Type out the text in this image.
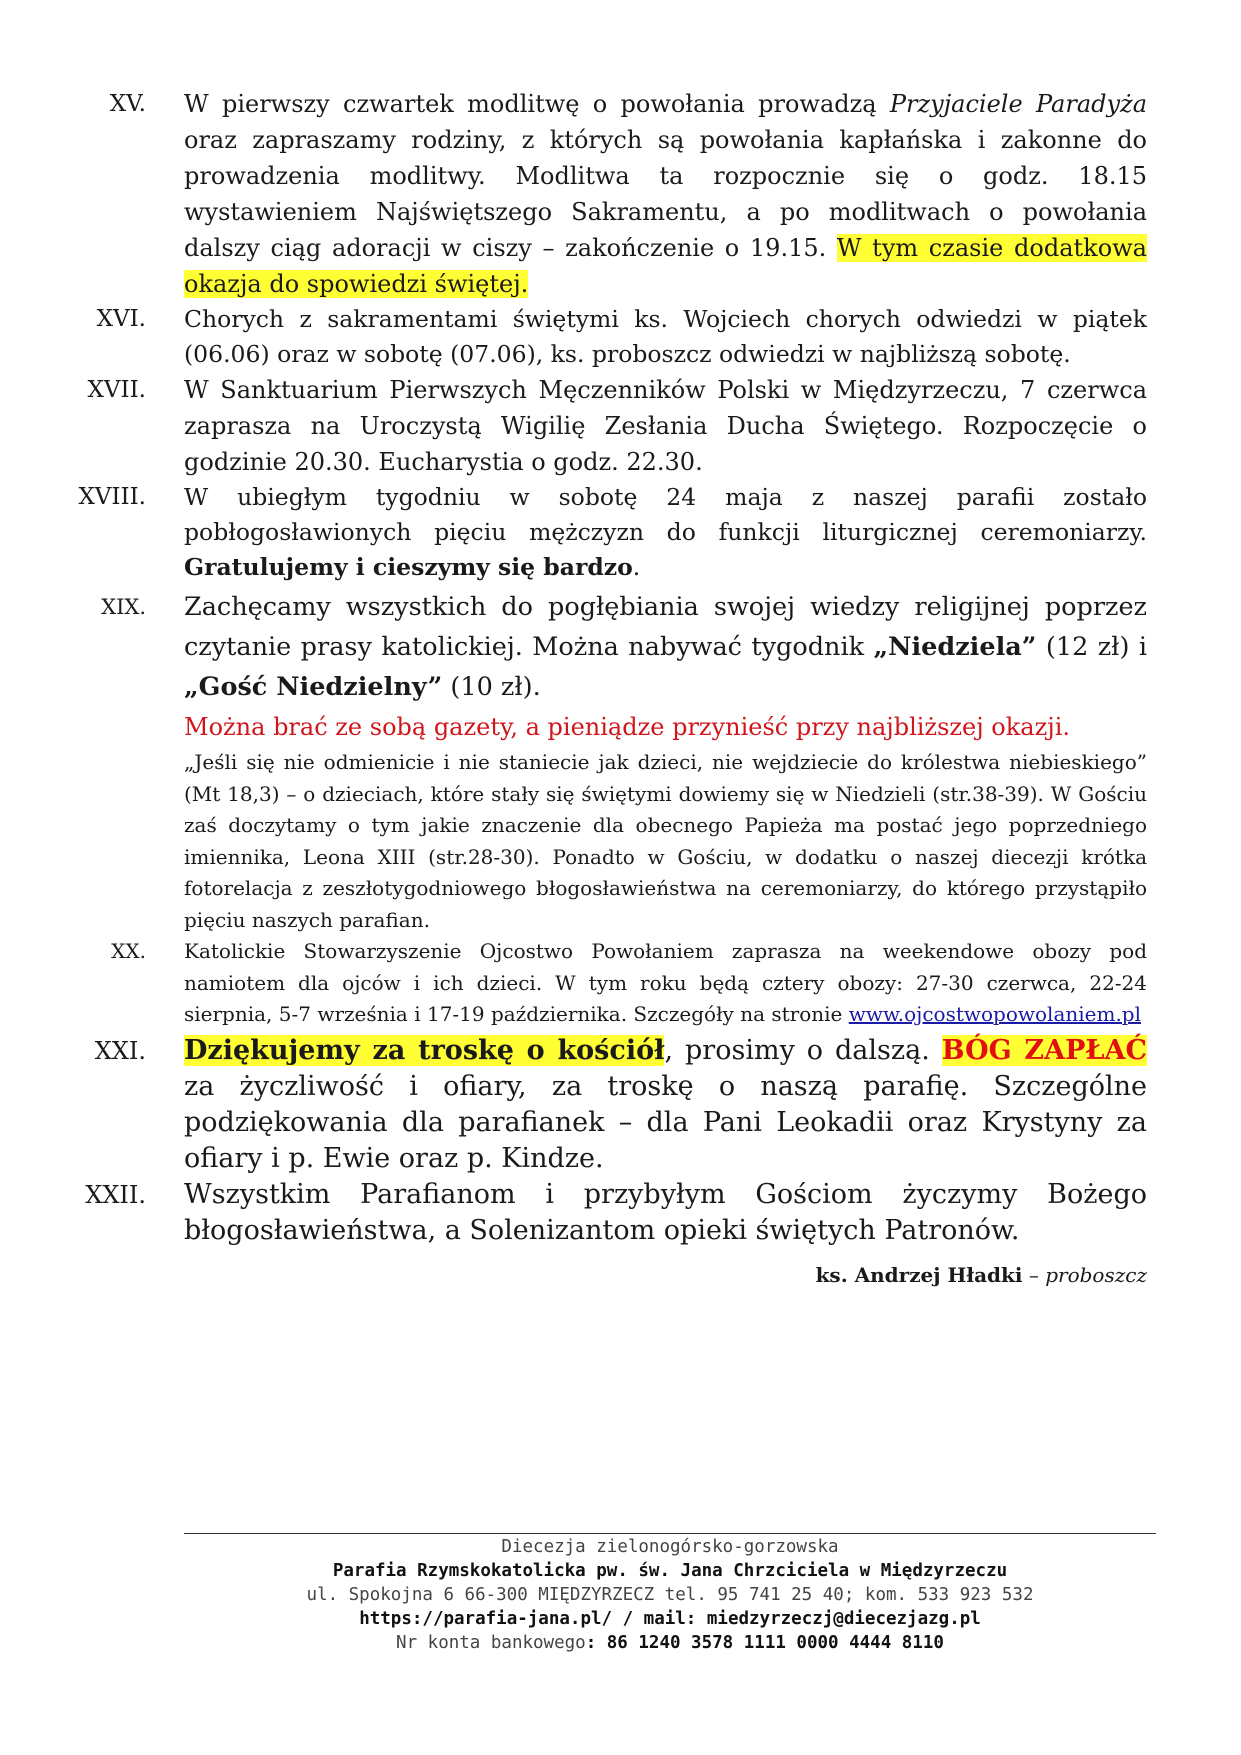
XV. W pierwszy czwartek modlitwę o powołania prowadzą Przyjaciele Paradyża oraz zapraszamy rodziny, z których są powołania kapłańska i zakonne do prowadzenia modlitwy. Modlitwa ta rozpocznie się o godz. 18.15 wystawieniem Najświętszego Sakramentu, a po modlitwach o powołania dalszy ciąg adoracji w ciszy – zakończenie o 19.15. W tym czasie dodatkowa okazja do spowiedzi świętej.
XVI. Chorych z sakramentami świętymi ks. Wojciech chorych odwiedzi w piątek (06.06) oraz w sobotę (07.06), ks. proboszcz odwiedzi w najbliższą sobotę.
XVII. W Sanktuarium Pierwszych Męczenników Polski w Międzyrzeczu, 7 czerwca zaprasza na Uroczystą Wigilię Zesłania Ducha Świętego. Rozpoczęcie o godzinie 20.30. Eucharystia o godz. 22.30.
XVIII. W ubiegłym tygodniu w sobotę 24 maja z naszej parafii zostało pobłogosławionych pięciu mężczyzn do funkcji liturgicznej ceremoniarzy. Gratulujemy i cieszymy się bardzo.
XIX. Zachęcamy wszystkich do pogłębiania swojej wiedzy religijnej poprzez czytanie prasy katolickiej. Można nabywać tygodnik „Niedziela” (12 zł) i „Gość Niedzielny” (10 zł).
Można brać ze sobą gazety, a pieniądze przynieść przy najbliższej okazji.
„Jeśli się nie odmienicie i nie staniecie jak dzieci, nie wejdziecie do królestwa niebieskiego” (Mt 18,3) – o dzieciach, które stały się świętymi dowiemy się w Niedzieli (str.38-39). W Gościu zaś doczytamy o tym jakie znaczenie dla obecnego Papieża ma postać jego poprzedniego imiennika, Leona XIII (str.28-30). Ponadto w Gościu, w dodatku o naszej diecezji krótka fotorelacja z zeszłotygodniowego błogosławieństwa na ceremoniarzy, do którego przystąpiło pięciu naszych parafian.
XX. Katolickie Stowarzyszenie Ojcostwo Powołaniem zaprasza na weekendowe obozy pod namiotem dla ojców i ich dzieci. W tym roku będą cztery obozy: 27-30 czerwca, 22-24 sierpnia, 5-7 września i 17-19 października. Szczegóły na stronie www.ojcostwopowolaniem.pl
XXI. Dziękujemy za troskę o kościół, prosimy o dalszą. BÓG ZAPŁAĆ za życzliwość i ofiary, za troskę o naszą parafię. Szczególne podziękowania dla parafianek – dla Pani Leokadii oraz Krystyny za ofiary i p. Ewie oraz p. Kindze.
XXII. Wszystkim Parafianom i przybyłym Gościom życzymy Bożego błogosławieństwa, a Solenizantom opieki świętych Patronów.
ks. Andrzej Hładki – proboszcz
Diecezja zielonogórsko-gorzowska
Parafia Rzymskokatolicka pw. św. Jana Chrzciciela w Międzyrzeczu
ul. Spokojna 6 66-300 MIĘDZYRZECZ tel. 95 741 25 40; kom. 533 923 532
https://parafia-jana.pl/ / mail: miedzyrzeczj@diecezjazg.pl
Nr konta bankowego: 86 1240 3578 1111 0000 4444 8110
